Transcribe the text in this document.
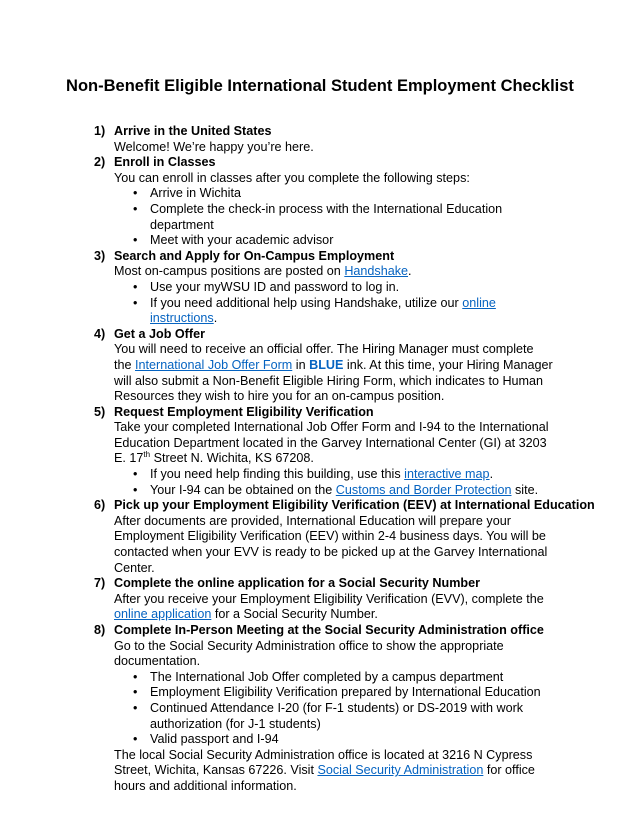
Non-Benefit Eligible International Student Employment Checklist
1) Arrive in the United States
Welcome! We’re happy you’re here.
2) Enroll in Classes
You can enroll in classes after you complete the following steps:
• Arrive in Wichita
• Complete the check-in process with the International Education department
• Meet with your academic advisor
3) Search and Apply for On-Campus Employment
Most on-campus positions are posted on Handshake.
• Use your myWSU ID and password to log in.
• If you need additional help using Handshake, utilize our online instructions.
4) Get a Job Offer
You will need to receive an official offer. The Hiring Manager must complete the International Job Offer Form in BLUE ink. At this time, your Hiring Manager will also submit a Non-Benefit Eligible Hiring Form, which indicates to Human Resources they wish to hire you for an on-campus position.
5) Request Employment Eligibility Verification
Take your completed International Job Offer Form and I-94 to the International Education Department located in the Garvey International Center (GI) at 3203 E. 17th Street N. Wichita, KS 67208.
• If you need help finding this building, use this interactive map.
• Your I-94 can be obtained on the Customs and Border Protection site.
6) Pick up your Employment Eligibility Verification (EEV) at International Education
After documents are provided, International Education will prepare your Employment Eligibility Verification (EEV) within 2-4 business days. You will be contacted when your EVV is ready to be picked up at the Garvey International Center.
7) Complete the online application for a Social Security Number
After you receive your Employment Eligibility Verification (EVV), complete the online application for a Social Security Number.
8) Complete In-Person Meeting at the Social Security Administration office
Go to the Social Security Administration office to show the appropriate documentation.
• The International Job Offer completed by a campus department
• Employment Eligibility Verification prepared by International Education
• Continued Attendance I-20 (for F-1 students) or DS-2019 with work authorization (for J-1 students)
• Valid passport and I-94
The local Social Security Administration office is located at 3216 N Cypress Street, Wichita, Kansas 67226. Visit Social Security Administration for office hours and additional information.
